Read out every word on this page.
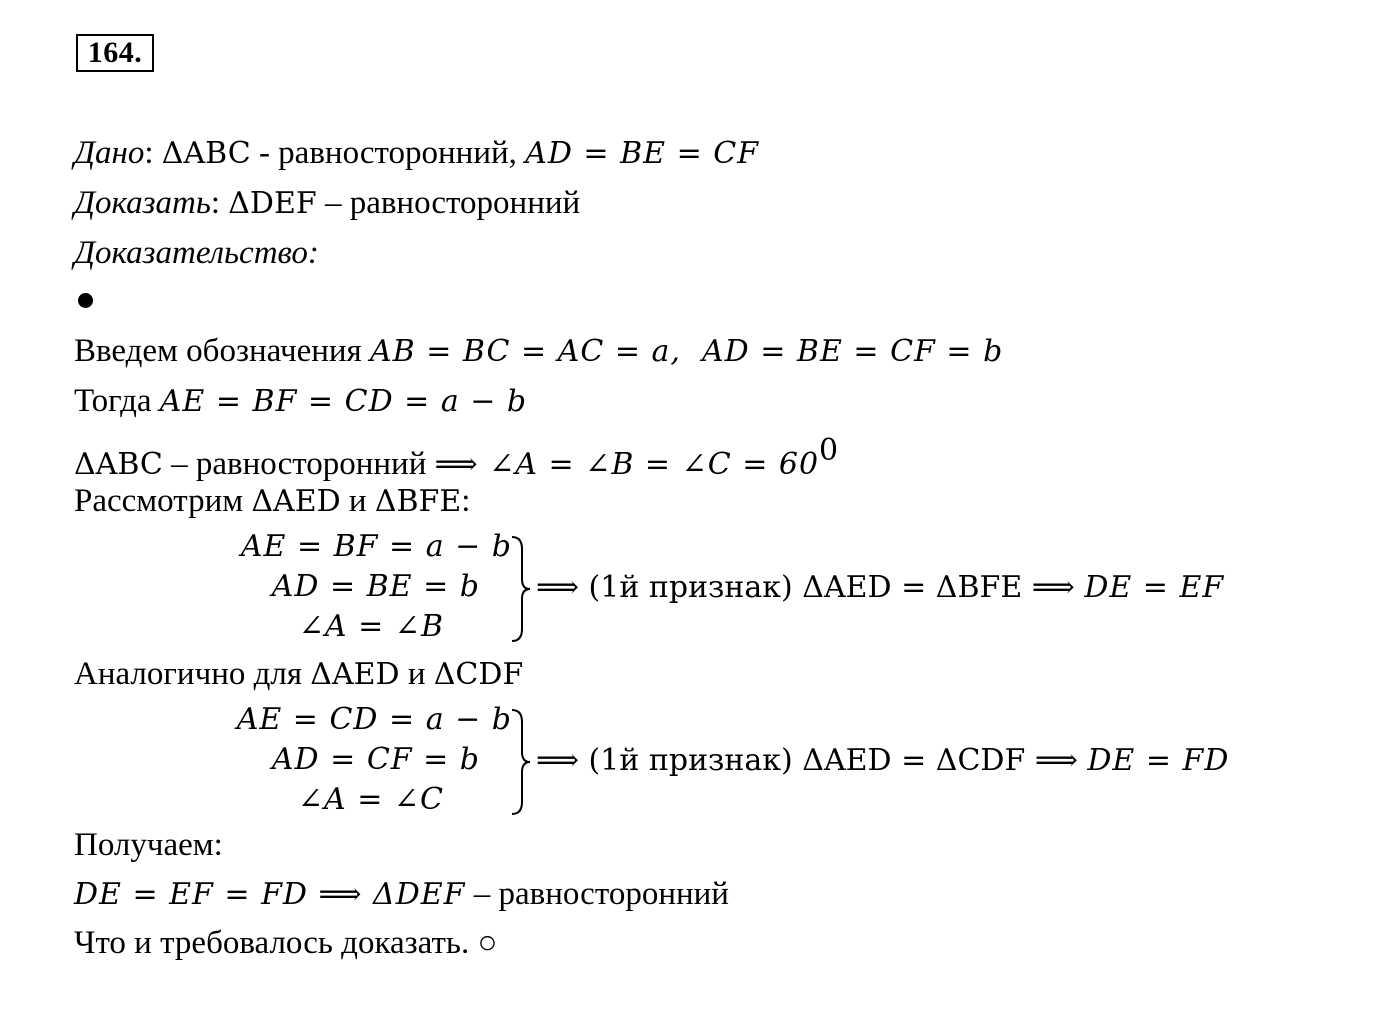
164.
Дано: ΔABC - равносторонний, AD = BE = CF
Доказать: ΔDEF – равносторонний
Доказательство:
Введем обозначения AB = BC = AC = a,  AD = BE = CF = b
Тогда AE = BF = CD = a − b
ΔABC – равносторонний ⟹ ∠A = ∠B = ∠C = $60^0$
Рассмотрим ΔAED и ΔBFE:
AE = BF = a − b
AD = BE = b
∠A = ∠B
⟹ (1й признак) ΔAED = ΔBFE ⟹ DE = EF
Аналогично для ΔAED и ΔCDF
AE = CD = a − b
AD = CF = b
∠A = ∠C
⟹ (1й признак) ΔAED = ΔCDF ⟹ DE = FD
Получаем:
DE = EF = FD ⟹ ΔDEF – равносторонний
Что и требовалось доказать. ○
